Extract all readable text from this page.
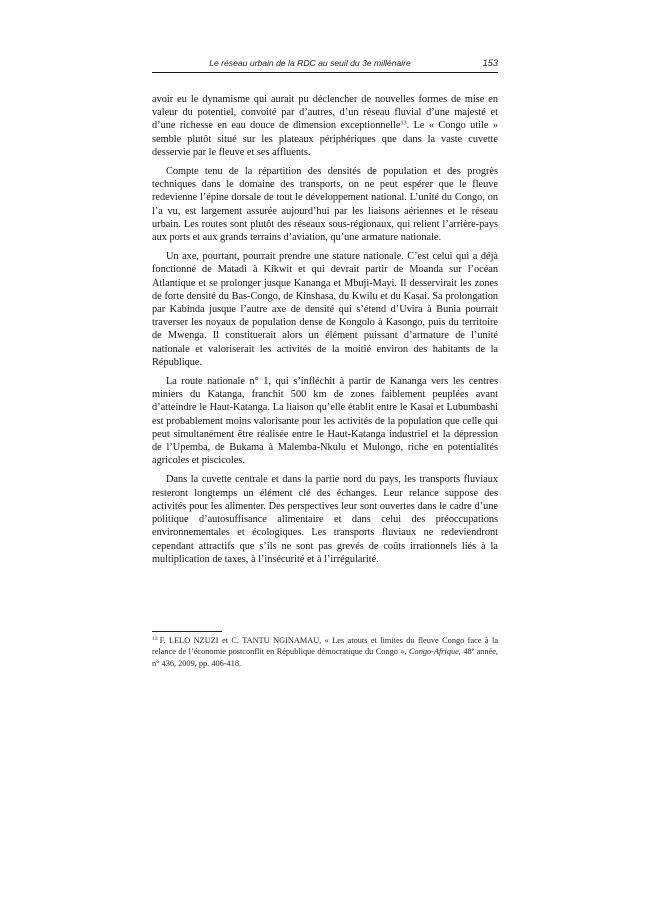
Le réseau urbain de la RDC au seuil du 3e millénaire	153

avoir eu le dynamisme qui aurait pu déclencher de nouvelles formes de mise en valeur du potentiel, convoité par d’autres, d’un réseau fluvial d’une majesté et d’une richesse en eau douce de dimension exceptionnelle$^{13}$. Le « Congo utile » semble plutôt situé sur les plateaux périphériques que dans la vaste cuvette desservie par le fleuve et ses affluents.

Compte tenu de la répartition des densités de population et des progrès techniques dans le domaine des transports, on ne peut espérer que le fleuve redevienne l’épine dorsale de tout le développement national. L’unité du Congo, on l’a vu, est largement assurée aujourd’hui par les liaisons aériennes et le réseau urbain. Les routes sont plutôt des réseaux sous-régionaux, qui relient l’arrière-pays aux ports et aux grands terrains d’aviation, qu’une armature nationale.

Un axe, pourtant, pourrait prendre une stature nationale. C’est celui qui a déjà fonctionné de Matadi à Kikwit et qui devrait partir de Moanda sur l’océan Atlantique et se prolonger jusque Kananga et Mbuji-Mayi. Il desservirait les zones de forte densité du Bas-Congo, de Kinshasa, du Kwilu et du Kasai. Sa prolongation par Kabinda jusque l’autre axe de densité qui s’étend d’Uvira à Bunia pourrait traverser les noyaux de population dense de Kongolo à Kasongo, puis du territoire de Mwenga. Il constituerait alors un élément puissant d’armature de l’unité nationale et valoriserait les activités de la moitié environ des habitants de la République.

La route nationale n° 1, qui s’infléchit à partir de Kananga vers les centres miniers du Katanga, franchit 500 km de zones faiblement peuplées avant d’atteindre le Haut-Katanga. La liaison qu’elle établit entre le Kasai et Lubumbashi est probablement moins valorisante pour les activités de la population que celle qui peut simultanément être réalisée entre le Haut-Katanga industriel et la dépression de l’Upemba, de Bukama à Malemba-Nkulu et Mulongo, riche en potentialités agricoles et piscicoles.

Dans la cuvette centrale et dans la partie nord du pays, les transports fluviaux resteront longtemps un élément clé des échanges. Leur relance suppose des activités pour les alimenter. Des perspectives leur sont ouvertes dans le cadre d’une politique d’autosuffisance alimentaire et dans celui des préoccupations environnementales et écologiques. Les transports fluviaux ne redeviendront cependant attractifs que s’ils ne sont pas grevés de coûts irrationnels liés à la multiplication de taxes, à l’insécurité et à l’irrégularité.

$^{13}$ F. LELO NZUZI et C. TANTU NGINAMAU, « Les atouts et limites du fleuve Congo face à la relance de l’économie postconflit en République démocratique du Congo », Congo-Afrique, 48e année, n° 436, 2009, pp. 406-418.
